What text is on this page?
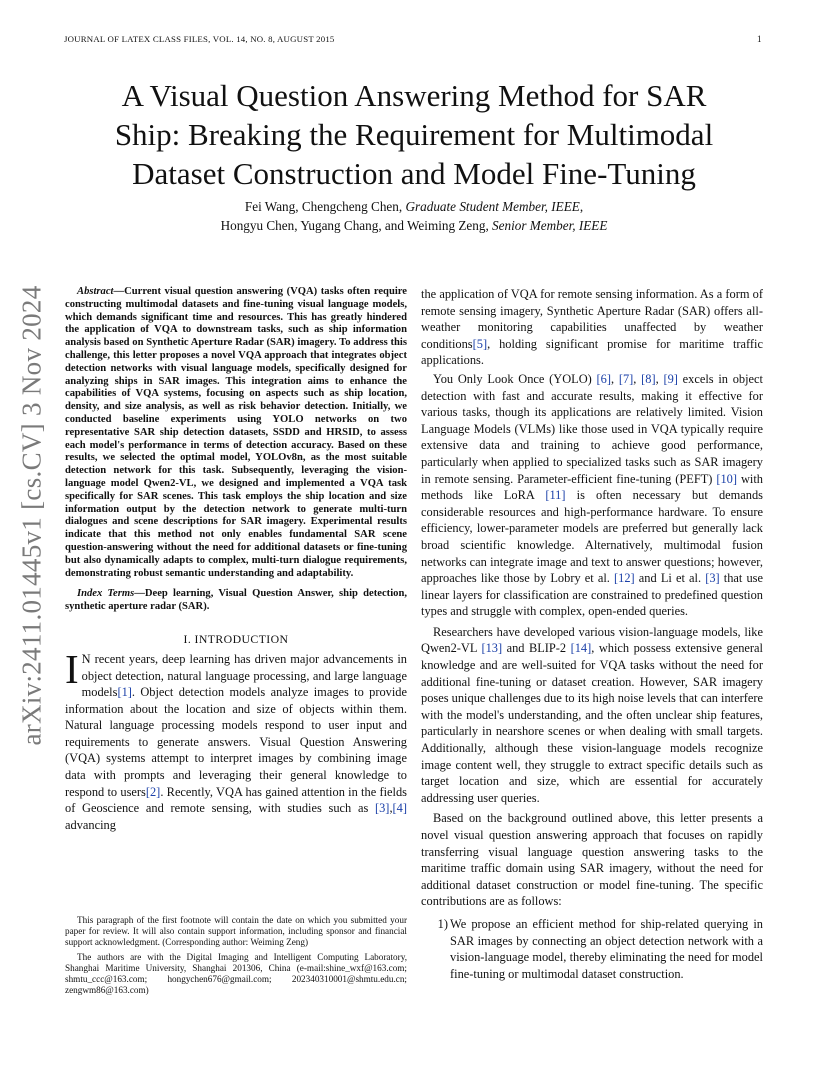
JOURNAL OF LATEX CLASS FILES, VOL. 14, NO. 8, AUGUST 2015	1
arXiv:2411.01445v1 [cs.CV] 3 Nov 2024
A Visual Question Answering Method for SAR
Ship: Breaking the Requirement for Multimodal
Dataset Construction and Model Fine-Tuning
Fei Wang, Chengcheng Chen, Graduate Student Member, IEEE,
Hongyu Chen, Yugang Chang, and Weiming Zeng, Senior Member, IEEE

Abstract—Current visual question answering (VQA) tasks often require constructing multimodal datasets and fine-tuning visual language models, which demands significant time and resources. This has greatly hindered the application of VQA to downstream tasks, such as ship information analysis based on Synthetic Aperture Radar (SAR) imagery. To address this challenge, this letter proposes a novel VQA approach that integrates object detection networks with visual language models, specifically designed for analyzing ships in SAR images. This integration aims to enhance the capabilities of VQA systems, focusing on aspects such as ship location, density, and size analysis, as well as risk behavior detection. Initially, we conducted baseline experiments using YOLO networks on two representative SAR ship detection datasets, SSDD and HRSID, to assess each model's performance in terms of detection accuracy. Based on these results, we selected the optimal model, YOLOv8n, as the most suitable detection network for this task. Subsequently, leveraging the vision-language model Qwen2-VL, we designed and implemented a VQA task specifically for SAR scenes. This task employs the ship location and size information output by the detection network to generate multi-turn dialogues and scene descriptions for SAR imagery. Experimental results indicate that this method not only enables fundamental SAR scene question-answering without the need for additional datasets or fine-tuning but also dynamically adapts to complex, multi-turn dialogue requirements, demonstrating robust semantic understanding and adaptability.

Index Terms—Deep learning, Visual Question Answer, ship detection, synthetic aperture radar (SAR).

I. INTRODUCTION

I N recent years, deep learning has driven major advancements in object detection, natural language processing, and large language models[1]. Object detection models analyze images to provide information about the location and size of objects within them. Natural language processing models respond to user input and requirements to generate answers. Visual Question Answering (VQA) systems attempt to interpret images by combining image data with prompts and leveraging their general knowledge to respond to users[2]. Recently, VQA has gained attention in the fields of Geoscience and remote sensing, with studies such as [3],[4] advancing

This paragraph of the first footnote will contain the date on which you submitted your paper for review. It will also contain support information, including sponsor and financial support acknowledgment. (Corresponding author: Weiming Zeng)

The authors are with the Digital Imaging and Intelligent Computing Laboratory, Shanghai Maritime University, Shanghai 201306, China (e-mail:shine_wxf@163.com; shmtu_ccc@163.com; hongychen676@gmail.com; 202340310001@shmtu.edu.cn; zengwm86@163.com)

the application of VQA for remote sensing information. As a form of remote sensing imagery, Synthetic Aperture Radar (SAR) offers all-weather monitoring capabilities unaffected by weather conditions[5], holding significant promise for maritime traffic applications.

You Only Look Once (YOLO) [6], [7], [8], [9] excels in object detection with fast and accurate results, making it effective for various tasks, though its applications are relatively limited. Vision Language Models (VLMs) like those used in VQA typically require extensive data and training to achieve good performance, particularly when applied to specialized tasks such as SAR imagery in remote sensing. Parameter-efficient fine-tuning (PEFT) [10] with methods like LoRA [11] is often necessary but demands considerable resources and high-performance hardware. To ensure efficiency, lower-parameter models are preferred but generally lack broad scientific knowledge. Alternatively, multimodal fusion networks can integrate image and text to answer questions; however, approaches like those by Lobry et al. [12] and Li et al. [3] that use linear layers for classification are constrained to predefined question types and struggle with complex, open-ended queries.

Researchers have developed various vision-language models, like Qwen2-VL [13] and BLIP-2 [14], which possess extensive general knowledge and are well-suited for VQA tasks without the need for additional fine-tuning or dataset creation. However, SAR imagery poses unique challenges due to its high noise levels that can interfere with the model's understanding, and the often unclear ship features, particularly in nearshore scenes or when dealing with small targets. Additionally, although these vision-language models recognize image content well, they struggle to extract specific details such as target location and size, which are essential for accurately addressing user queries.

Based on the background outlined above, this letter presents a novel visual question answering approach that focuses on rapidly transferring visual language question answering tasks to the maritime traffic domain using SAR imagery, without the need for additional dataset construction or model fine-tuning. The specific contributions are as follows:

1) We propose an efficient method for ship-related querying in SAR images by connecting an object detection network with a vision-language model, thereby eliminating the need for model fine-tuning or multimodal dataset construction.
